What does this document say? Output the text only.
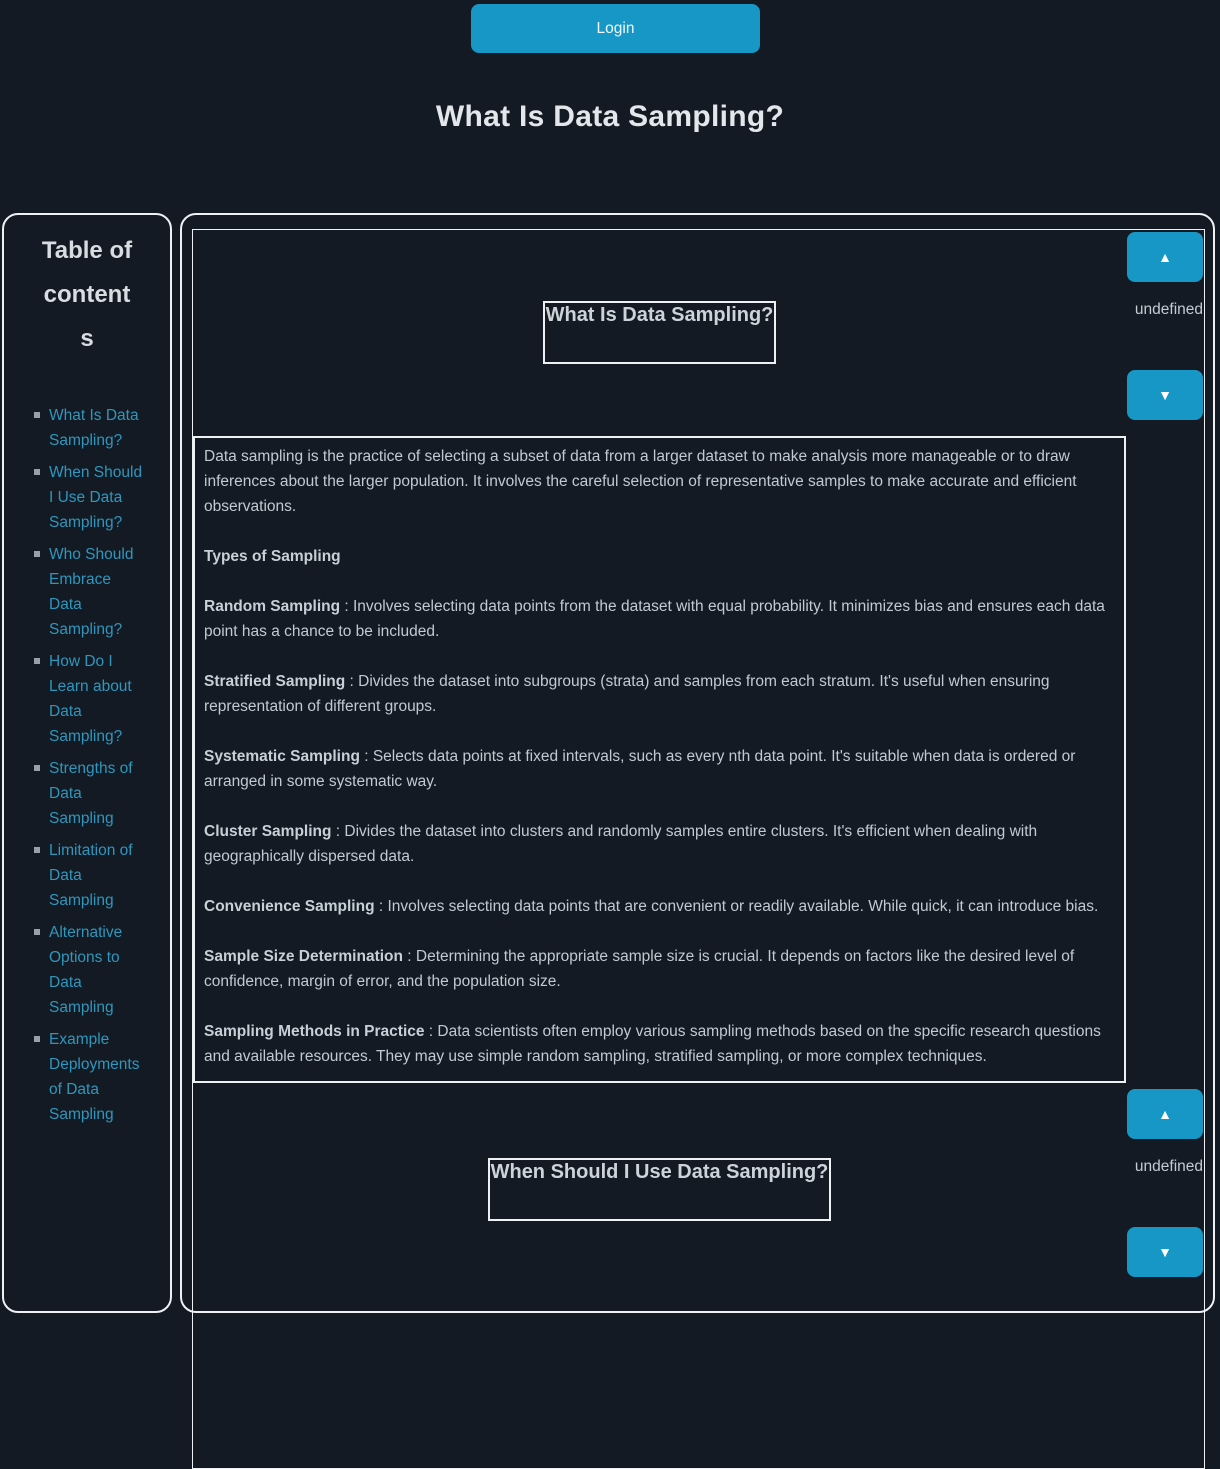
Login
What Is Data Sampling?
Table of contents
What Is Data Sampling?
When Should I Use Data Sampling?
Who Should Embrace Data Sampling?
How Do I Learn about Data Sampling?
Strengths of Data Sampling
Limitation of Data Sampling
Alternative Options to Data Sampling
Example Deployments of Data Sampling
What Is Data Sampling?

Data sampling is the practice of selecting a subset of data from a larger dataset to make analysis more manageable or to draw inferences about the larger population. It involves the careful selection of representative samples to make accurate and efficient observations.

Types of Sampling

Random Sampling : Involves selecting data points from the dataset with equal probability. It minimizes bias and ensures each data point has a chance to be included.

Stratified Sampling : Divides the dataset into subgroups (strata) and samples from each stratum. It's useful when ensuring representation of different groups.

Systematic Sampling : Selects data points at fixed intervals, such as every nth data point. It's suitable when data is ordered or arranged in some systematic way.

Cluster Sampling : Divides the dataset into clusters and randomly samples entire clusters. It's efficient when dealing with geographically dispersed data.

Convenience Sampling : Involves selecting data points that are convenient or readily available. While quick, it can introduce bias.

Sample Size Determination : Determining the appropriate sample size is crucial. It depends on factors like the desired level of confidence, margin of error, and the population size.

Sampling Methods in Practice : Data scientists often employ various sampling methods based on the specific research questions and available resources. They may use simple random sampling, stratified sampling, or more complex techniques.

▲
undefined
▼
When Should I Use Data Sampling?
▲
undefined
▼
